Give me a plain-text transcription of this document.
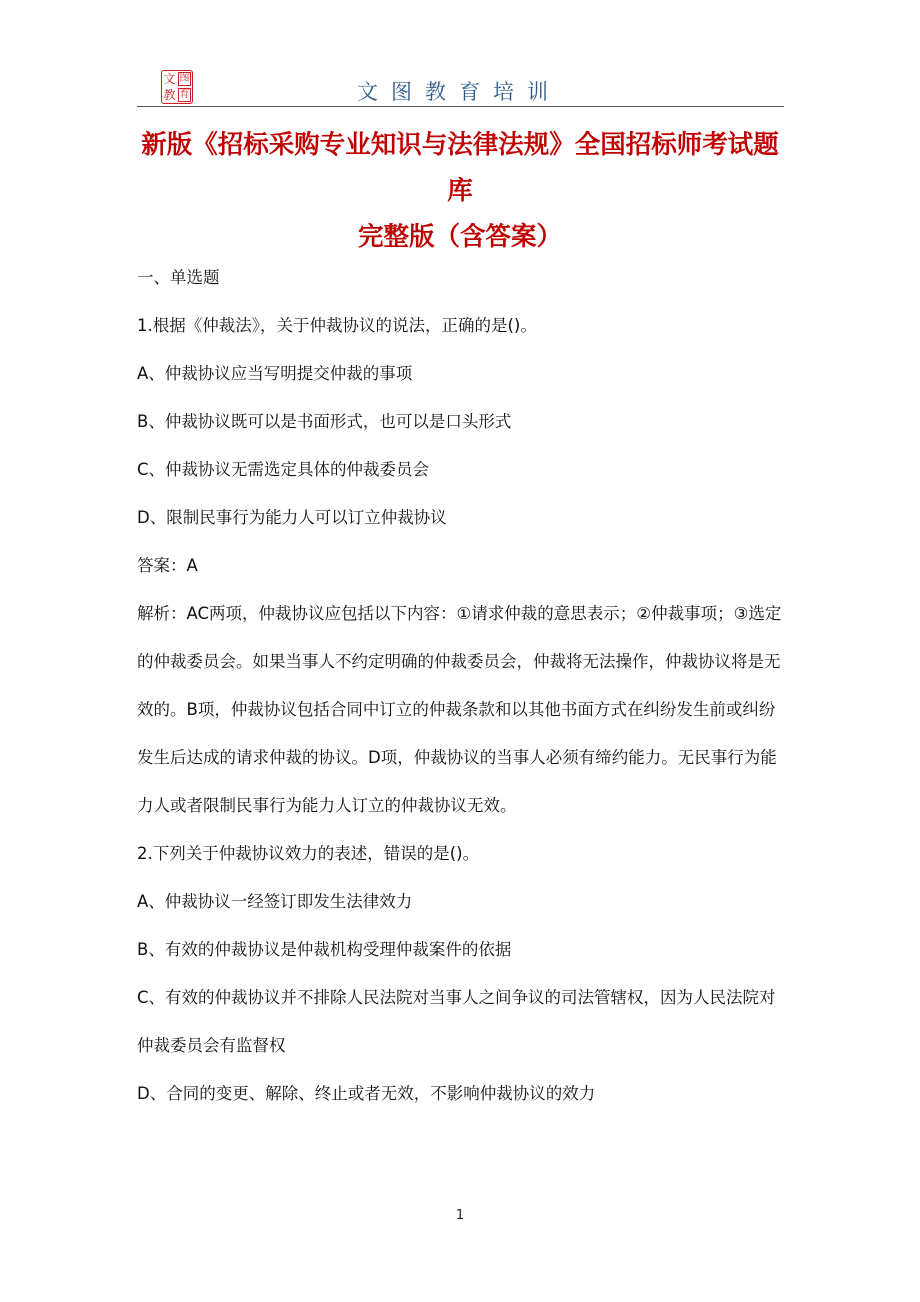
文 图
教 育	文图教育培训
新版《招标采购专业知识与法律法规》全国招标师考试题库
完整版（含答案）

一、单选题

1.根据《仲裁法》，关于仲裁协议的说法，正确的是()。

A、仲裁协议应当写明提交仲裁的事项

B、仲裁协议既可以是书面形式，也可以是口头形式

C、仲裁协议无需选定具体的仲裁委员会

D、限制民事行为能力人可以订立仲裁协议

答案：A

解析：AC两项，仲裁协议应包括以下内容：①请求仲裁的意思表示；②仲裁事项；③选定的仲裁委员会。如果当事人不约定明确的仲裁委员会，仲裁将无法操作，仲裁协议将是无效的。B项，仲裁协议包括合同中订立的仲裁条款和以其他书面方式在纠纷发生前或纠纷发生后达成的请求仲裁的协议。D项，仲裁协议的当事人必须有缔约能力。无民事行为能力人或者限制民事行为能力人订立的仲裁协议无效。

2.下列关于仲裁协议效力的表述，错误的是()。

A、仲裁协议一经签订即发生法律效力

B、有效的仲裁协议是仲裁机构受理仲裁案件的依据

C、有效的仲裁协议并不排除人民法院对当事人之间争议的司法管辖权，因为人民法院对仲裁委员会有监督权

D、合同的变更、解除、终止或者无效，不影响仲裁协议的效力

1
